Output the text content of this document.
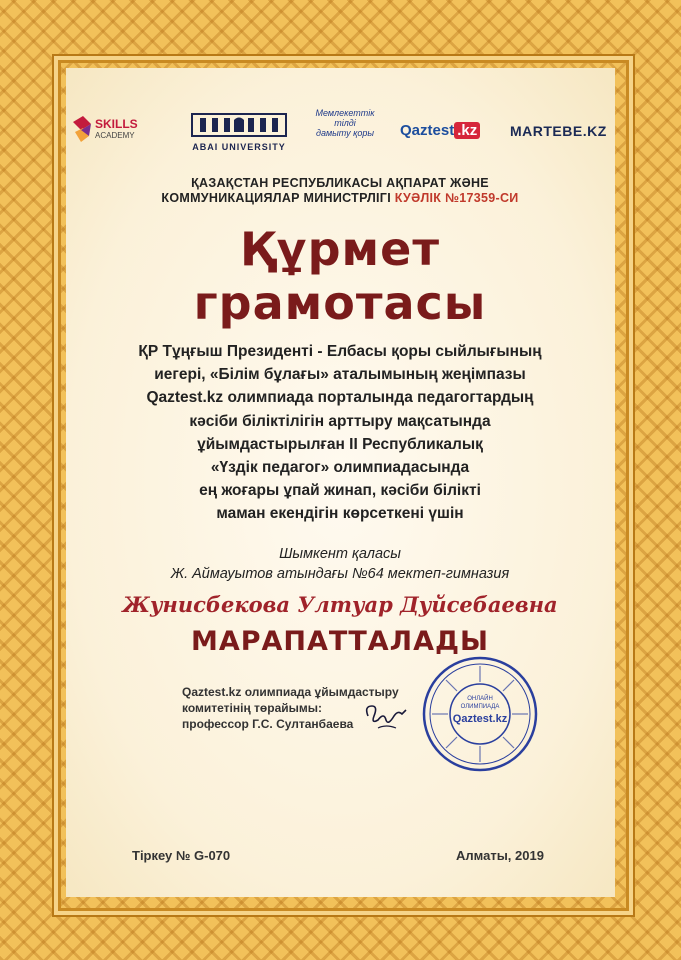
SKILLS
ACADEMY
ABAI UNIVERSITY
Мемлекеттік
тілді
дамыту қоры	Qaztest .kz MARTEBE.KZ
ҚАЗАҚСТАН РЕСПУБЛИКАСЫ АҚПАРАТ ЖӘНЕ
КОММУНИКАЦИЯЛАР МИНИСТРЛІГІ КУӘЛІК №17359-СИ
Құрмет
грамотасы
ҚР Тұңғыш Президенті - Елбасы қоры сыйлығының
иегері, «Білім бұлағы» аталымының жеңімпазы
Qaztest.kz олимпиада порталында педагогтардың
кәсіби біліктілігін арттыру мақсатында
ұйымдастырылған II Республикалық
«Үздік педагог» олимпиадасында
ең жоғары ұпай жинап, кәсіби білікті
маман екендігін көрсеткені үшін
Шымкент қаласы
Ж. Аймауытов атындағы №64 мектеп-гимназия
Жунисбекова Ултуар Дуйсебаевна
МАРАПАТТАЛАДЫ
Qaztest.kz олимпиада ұйымдастыру
комитетінің төрайымы:
профессор Г.С. Султанбаева
ОНЛАЙН
ОЛИМПИАДА
Qaztest.kz
Тіркеу № G-070	Алматы, 2019
